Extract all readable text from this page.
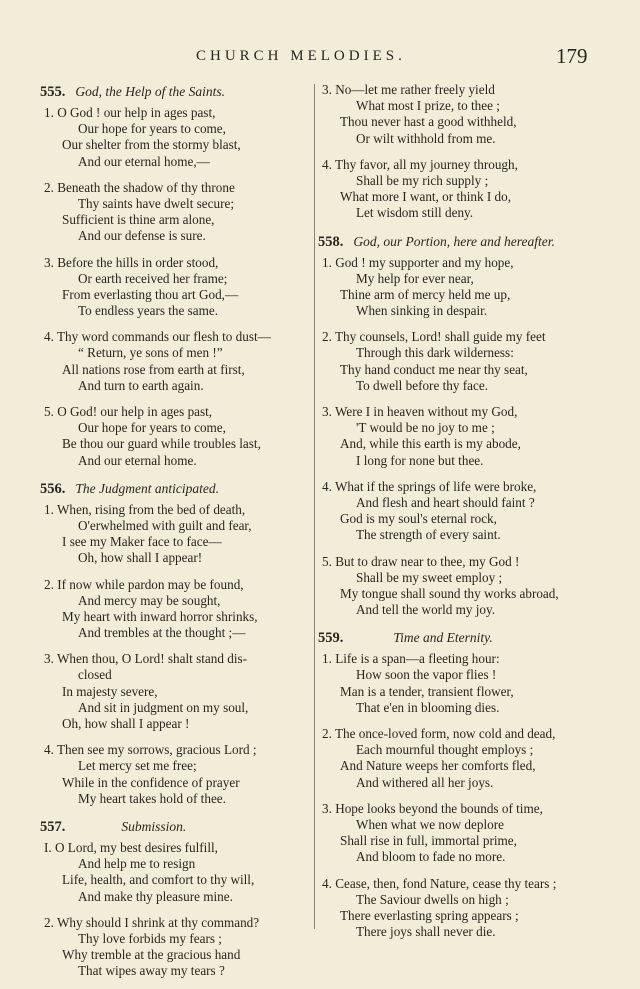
CHURCH MELODIES.	179
555. God, the Help of the Saints.
1. O God ! our help in ages past,
Our hope for years to come,
Our shelter from the stormy blast,
And our eternal home,—
2. Beneath the shadow of thy throne
Thy saints have dwelt secure;
Sufficient is thine arm alone,
And our defense is sure.
3. Before the hills in order stood,
Or earth received her frame;
From everlasting thou art God,—
To endless years the same.
4. Thy word commands our flesh to dust—
“ Return, ye sons of men !”
All nations rose from earth at first,
And turn to earth again.
5. O God! our help in ages past,
Our hope for years to come,
Be thou our guard while troubles last,
And our eternal home.
556. The Judgment anticipated.
1. When, rising from the bed of death,
O'erwhelmed with guilt and fear,
I see my Maker face to face—
Oh, how shall I appear!
2. If now while pardon may be found,
And mercy may be sought,
My heart with inward horror shrinks,
And trembles at the thought ;—
3. When thou, O Lord! shalt stand dis-
closed
In majesty severe,
And sit in judgment on my soul,
Oh, how shall I appear !
4. Then see my sorrows, gracious Lord ;
Let mercy set me free;
While in the confidence of prayer
My heart takes hold of thee.
557.	Submission.
I. O Lord, my best desires fulfill,
And help me to resign
Life, health, and comfort to thy will,
And make thy pleasure mine.
2. Why should I shrink at thy command?
Thy love forbids my fears ;
Why tremble at the gracious hand
That wipes away my tears ?
3. No—let me rather freely yield
What most I prize, to thee ;
Thou never hast a good withheld,
Or wilt withhold from me.
4. Thy favor, all my journey through,
Shall be my rich supply ;
What more I want, or think I do,
Let wisdom still deny.
558. God, our Portion, here and hereafter.
1. God ! my supporter and my hope,
My help for ever near,
Thine arm of mercy held me up,
When sinking in despair.
2. Thy counsels, Lord! shall guide my feet
Through this dark wilderness:
Thy hand conduct me near thy seat,
To dwell before thy face.
3. Were I in heaven without my God,
'T would be no joy to me ;
And, while this earth is my abode,
I long for none but thee.
4. What if the springs of life were broke,
And flesh and heart should faint ?
God is my soul's eternal rock,
The strength of every saint.
5. But to draw near to thee, my God !
Shall be my sweet employ ;
My tongue shall sound thy works abroad,
And tell the world my joy.
559.	Time and Eternity.
1. Life is a span—a fleeting hour:
How soon the vapor flies !
Man is a tender, transient flower,
That e'en in blooming dies.
2. The once-loved form, now cold and dead,
Each mournful thought employs ;
And Nature weeps her comforts fled,
And withered all her joys.
3. Hope looks beyond the bounds of time,
When what we now deplore
Shall rise in full, immortal prime,
And bloom to fade no more.
4. Cease, then, fond Nature, cease thy tears ;
The Saviour dwells on high ;
There everlasting spring appears ;
There joys shall never die.
